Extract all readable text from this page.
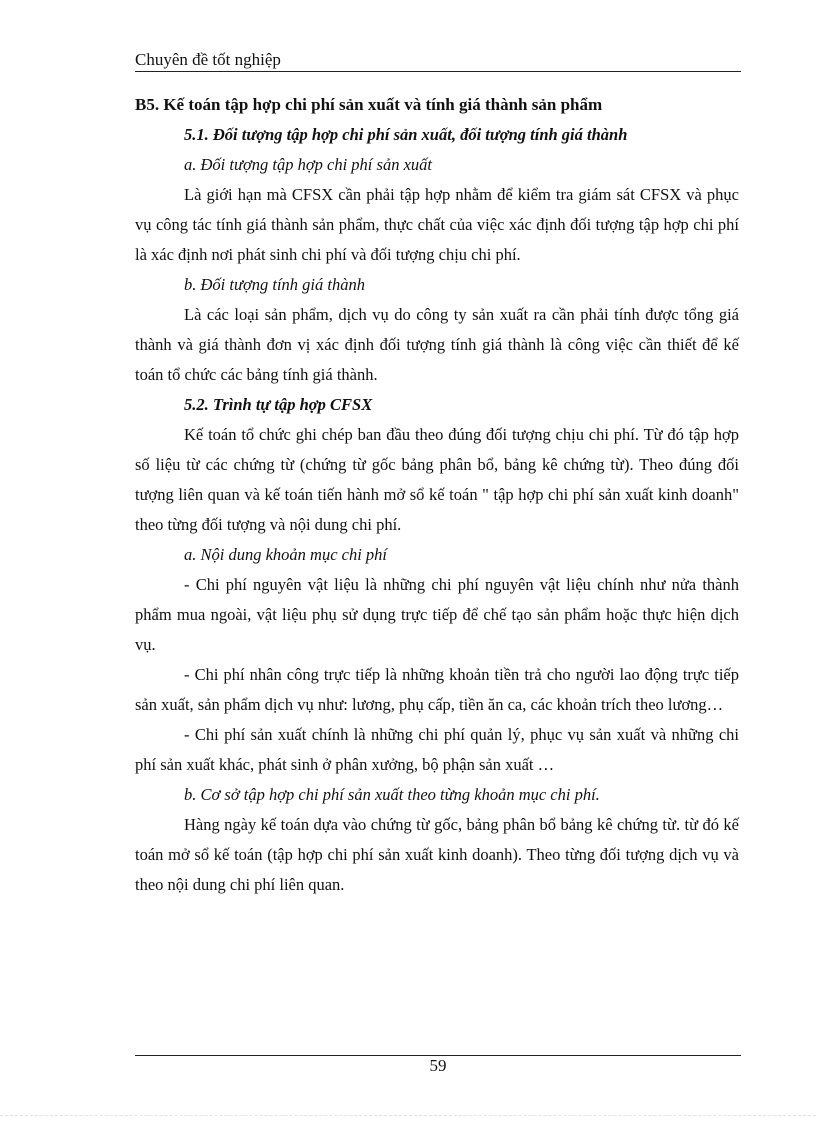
Chuyên đề tốt nghiệp

B5. Kế toán tập hợp chi phí sản xuất và tính giá thành sản phẩm

5.1. Đối tượng tập hợp chi phí sản xuất, đối tượng tính giá thành

a. Đối tượng tập hợp chi phí sản xuất

Là giới hạn mà CFSX cần phải tập hợp nhằm để kiểm tra giám sát CFSX và phục vụ công tác tính giá thành sản phẩm, thực chất của việc xác định đối tượng tập hợp chi phí là xác định nơi phát sinh chi phí và đối tượng chịu chi phí.

b. Đối tượng tính giá thành

Là các loại sản phẩm, dịch vụ do công ty sản xuất ra cần phải tính được tổng giá thành và giá thành đơn vị xác định đối tượng tính giá thành là công việc cần thiết để kế toán tổ chức các bảng tính giá thành.

5.2. Trình tự tập hợp CFSX

Kế toán tổ chức ghi chép ban đầu theo đúng đối tượng chịu chi phí. Từ đó tập hợp số liệu từ các chứng từ (chứng từ gốc bảng phân bổ, bảng kê chứng từ). Theo đúng đối tượng liên quan và kế toán tiến hành mở sổ kế toán " tập hợp chi phí sản xuất kinh doanh" theo từng đối tượng và nội dung chi phí.

a. Nội dung khoản mục chi phí

- Chi phí nguyên vật liệu là những chi phí nguyên vật liệu chính như nửa thành phẩm mua ngoài, vật liệu phụ sử dụng trực tiếp để chế tạo sản phẩm hoặc thực hiện dịch vụ.

- Chi phí nhân công trực tiếp là những khoản tiền trả cho người lao động trực tiếp sản xuất, sản phẩm dịch vụ như: lương, phụ cấp, tiền ăn ca, các khoản trích theo lương…

- Chi phí sản xuất chính là những chi phí quản lý, phục vụ sản xuất và những chi phí sản xuất khác, phát sinh ở phân xưởng, bộ phận sản xuất …

b. Cơ sở tập hợp chi phí sản xuất theo từng khoản mục chi phí.

Hàng ngày kế toán dựa vào chứng từ gốc, bảng phân bổ bảng kê chứng từ. từ đó kế toán mở sổ kế toán (tập hợp chi phí sản xuất kinh doanh). Theo từng đối tượng dịch vụ và theo nội dung chi phí liên quan.

59
